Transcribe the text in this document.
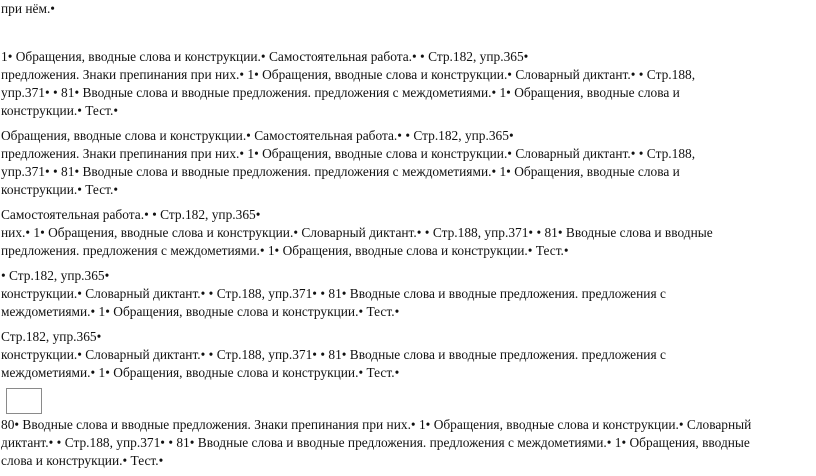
при нём.•
1• Обращения, вводные слова и конструкции.• Самостоятельная работа.• • Стр.182, упр.365•
предложения. Знаки препинания при них.• 1• Обращения, вводные слова и конструкции.• Словарный диктант.• • Стр.188,
упр.371• • 81• Вводные слова и вводные предложения. предложения с междометиями.• 1• Обращения, вводные слова и
конструкции.• Тест.•
Обращения, вводные слова и конструкции.• Самостоятельная работа.• • Стр.182, упр.365•
предложения. Знаки препинания при них.• 1• Обращения, вводные слова и конструкции.• Словарный диктант.• • Стр.188,
упр.371• • 81• Вводные слова и вводные предложения. предложения с междометиями.• 1• Обращения, вводные слова и
конструкции.• Тест.•
Самостоятельная работа.• • Стр.182, упр.365•
них.• 1• Обращения, вводные слова и конструкции.• Словарный диктант.• • Стр.188, упр.371• • 81• Вводные слова и вводные
предложения. предложения с междометиями.• 1• Обращения, вводные слова и конструкции.• Тест.•
• Стр.182, упр.365•
конструкции.• Словарный диктант.• • Стр.188, упр.371• • 81• Вводные слова и вводные предложения. предложения с
междометиями.• 1• Обращения, вводные слова и конструкции.• Тест.•
Стр.182, упр.365•
конструкции.• Словарный диктант.• • Стр.188, упр.371• • 81• Вводные слова и вводные предложения. предложения с
междометиями.• 1• Обращения, вводные слова и конструкции.• Тест.•
80• Вводные слова и вводные предложения. Знаки препинания при них.• 1• Обращения, вводные слова и конструкции.• Словарный
диктант.• • Стр.188, упр.371• • 81• Вводные слова и вводные предложения. предложения с междометиями.• 1• Обращения, вводные
слова и конструкции.• Тест.•
